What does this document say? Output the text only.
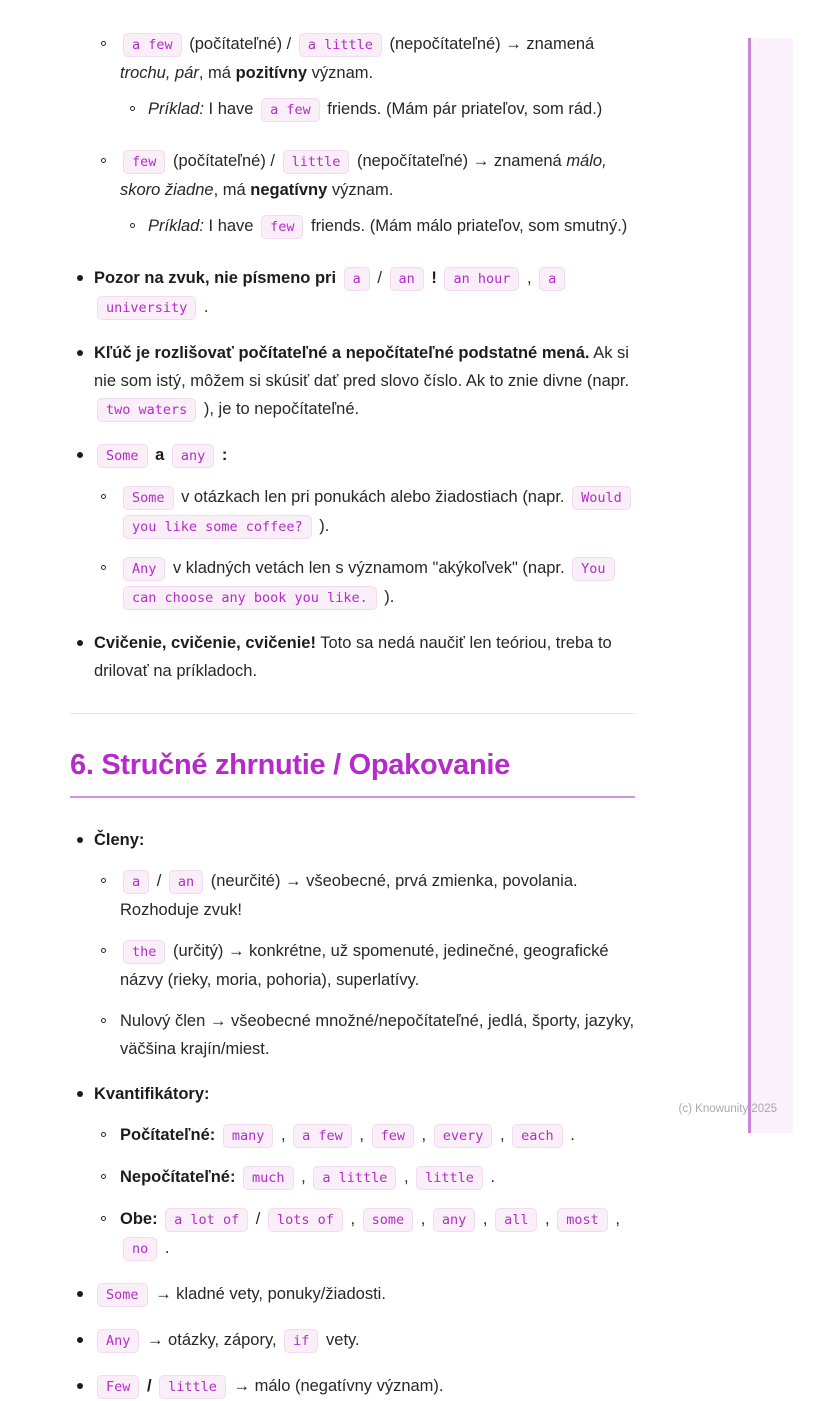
a few (počítateľné) / a little (nepočítateľné) → znamená trochu, pár, má pozitívny význam.
Príklad: I have a few friends. (Mám pár priateľov, som rád.)
few (počítateľné) / little (nepočítateľné) → znamená málo, skoro žiadne, má negatívny význam.
Príklad: I have few friends. (Mám málo priateľov, som smutný.)
Pozor na zvuk, nie písmeno pri a / an ! an hour , a university .
Kľúč je rozlišovať počítateľné a nepočítateľné podstatné mená. Ak si nie som istý, môžem si skúsiť dať pred slovo číslo. Ak to znie divne (napr. two waters ), je to nepočítateľné.
Some a any :
Some v otázkach len pri ponukách alebo žiadostiach (napr. Would you like some coffee? ).
Any v kladných vetách len s významom "akýkoľvek" (napr. You can choose any book you like. ).
Cvičenie, cvičenie, cvičenie! Toto sa nedá naučiť len teóriou, treba to drilovať na príkladoch.
6. Stručné zhrnutie / Opakovanie
Členy:
a / an (neurčité) → všeobecné, prvá zmienka, povolania. Rozhoduje zvuk!
the (určitý) → konkrétne, už spomenuté, jedinečné, geografické názvy (rieky, moria, pohoria), superlatívy.
Nulový člen → všeobecné množné/nepočítateľné, jedlá, športy, jazyky, väčšina krajín/miest.
Kvantifikátory:
Počítateľné: many , a few , few , every , each .
Nepočítateľné: much , a little , little .
Obe: a lot of / lots of , some , any , all , most , no .
Some → kladné vety, ponuky/žiadosti.
Any → otázky, zápory, if vety.
Few / little → málo (negatívny význam).
(c) Knowunity 2025
